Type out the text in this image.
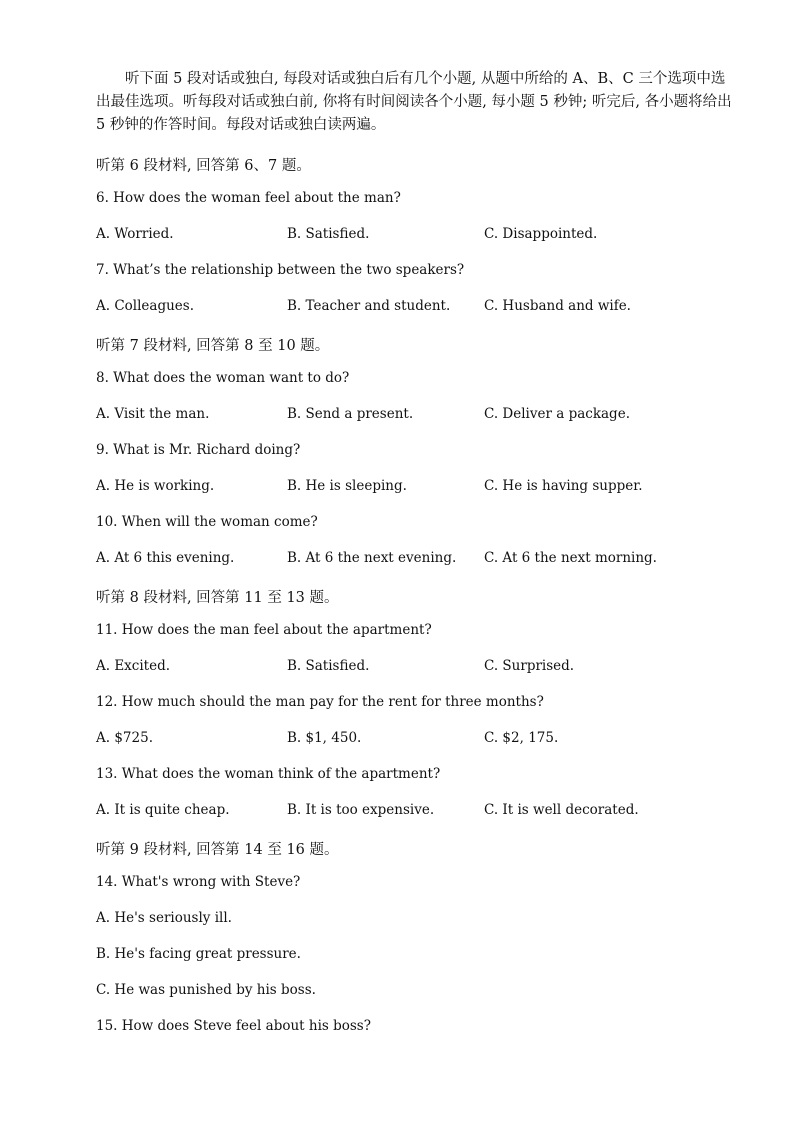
听下面 5 段对话或独白, 每段对话或独白后有几个小题, 从题中所给的 A、B、C 三个选项中选出最佳选项。听每段对话或独白前, 你将有时间阅读各个小题, 每小题 5 秒钟; 听完后, 各小题将给出 5 秒钟的作答时间。每段对话或独白读两遍。
听第 6 段材料, 回答第 6、7 题。
6. How does the woman feel about the man?
A. Worried.	B. Satisfied.	C. Disappointed.
7. What’s the relationship between the two speakers?
A. Colleagues.	B. Teacher and student. C. Husband and wife.
听第 7 段材料, 回答第 8 至 10 题。
8. What does the woman want to do?
A. Visit the man.	B. Send a present.	C. Deliver a package.
9. What is Mr. Richard doing?
A. He is working.	B. He is sleeping.	C. He is having supper.
10. When will the woman come?
A. At 6 this evening.	B. At 6 the next evening. C. At 6 the next morning.
听第 8 段材料, 回答第 11 至 13 题。
11. How does the man feel about the apartment?
A. Excited.	B. Satisfied.	C. Surprised.
12. How much should the man pay for the rent for three months?
A. $725.	B. $1, 450.	C. $2, 175.
13. What does the woman think of the apartment?
A. It is quite cheap.	B. It is too expensive.	C. It is well decorated.
听第 9 段材料, 回答第 14 至 16 题。
14. What's wrong with Steve?
A. He's seriously ill.
B. He's facing great pressure.
C. He was punished by his boss.
15. How does Steve feel about his boss?
